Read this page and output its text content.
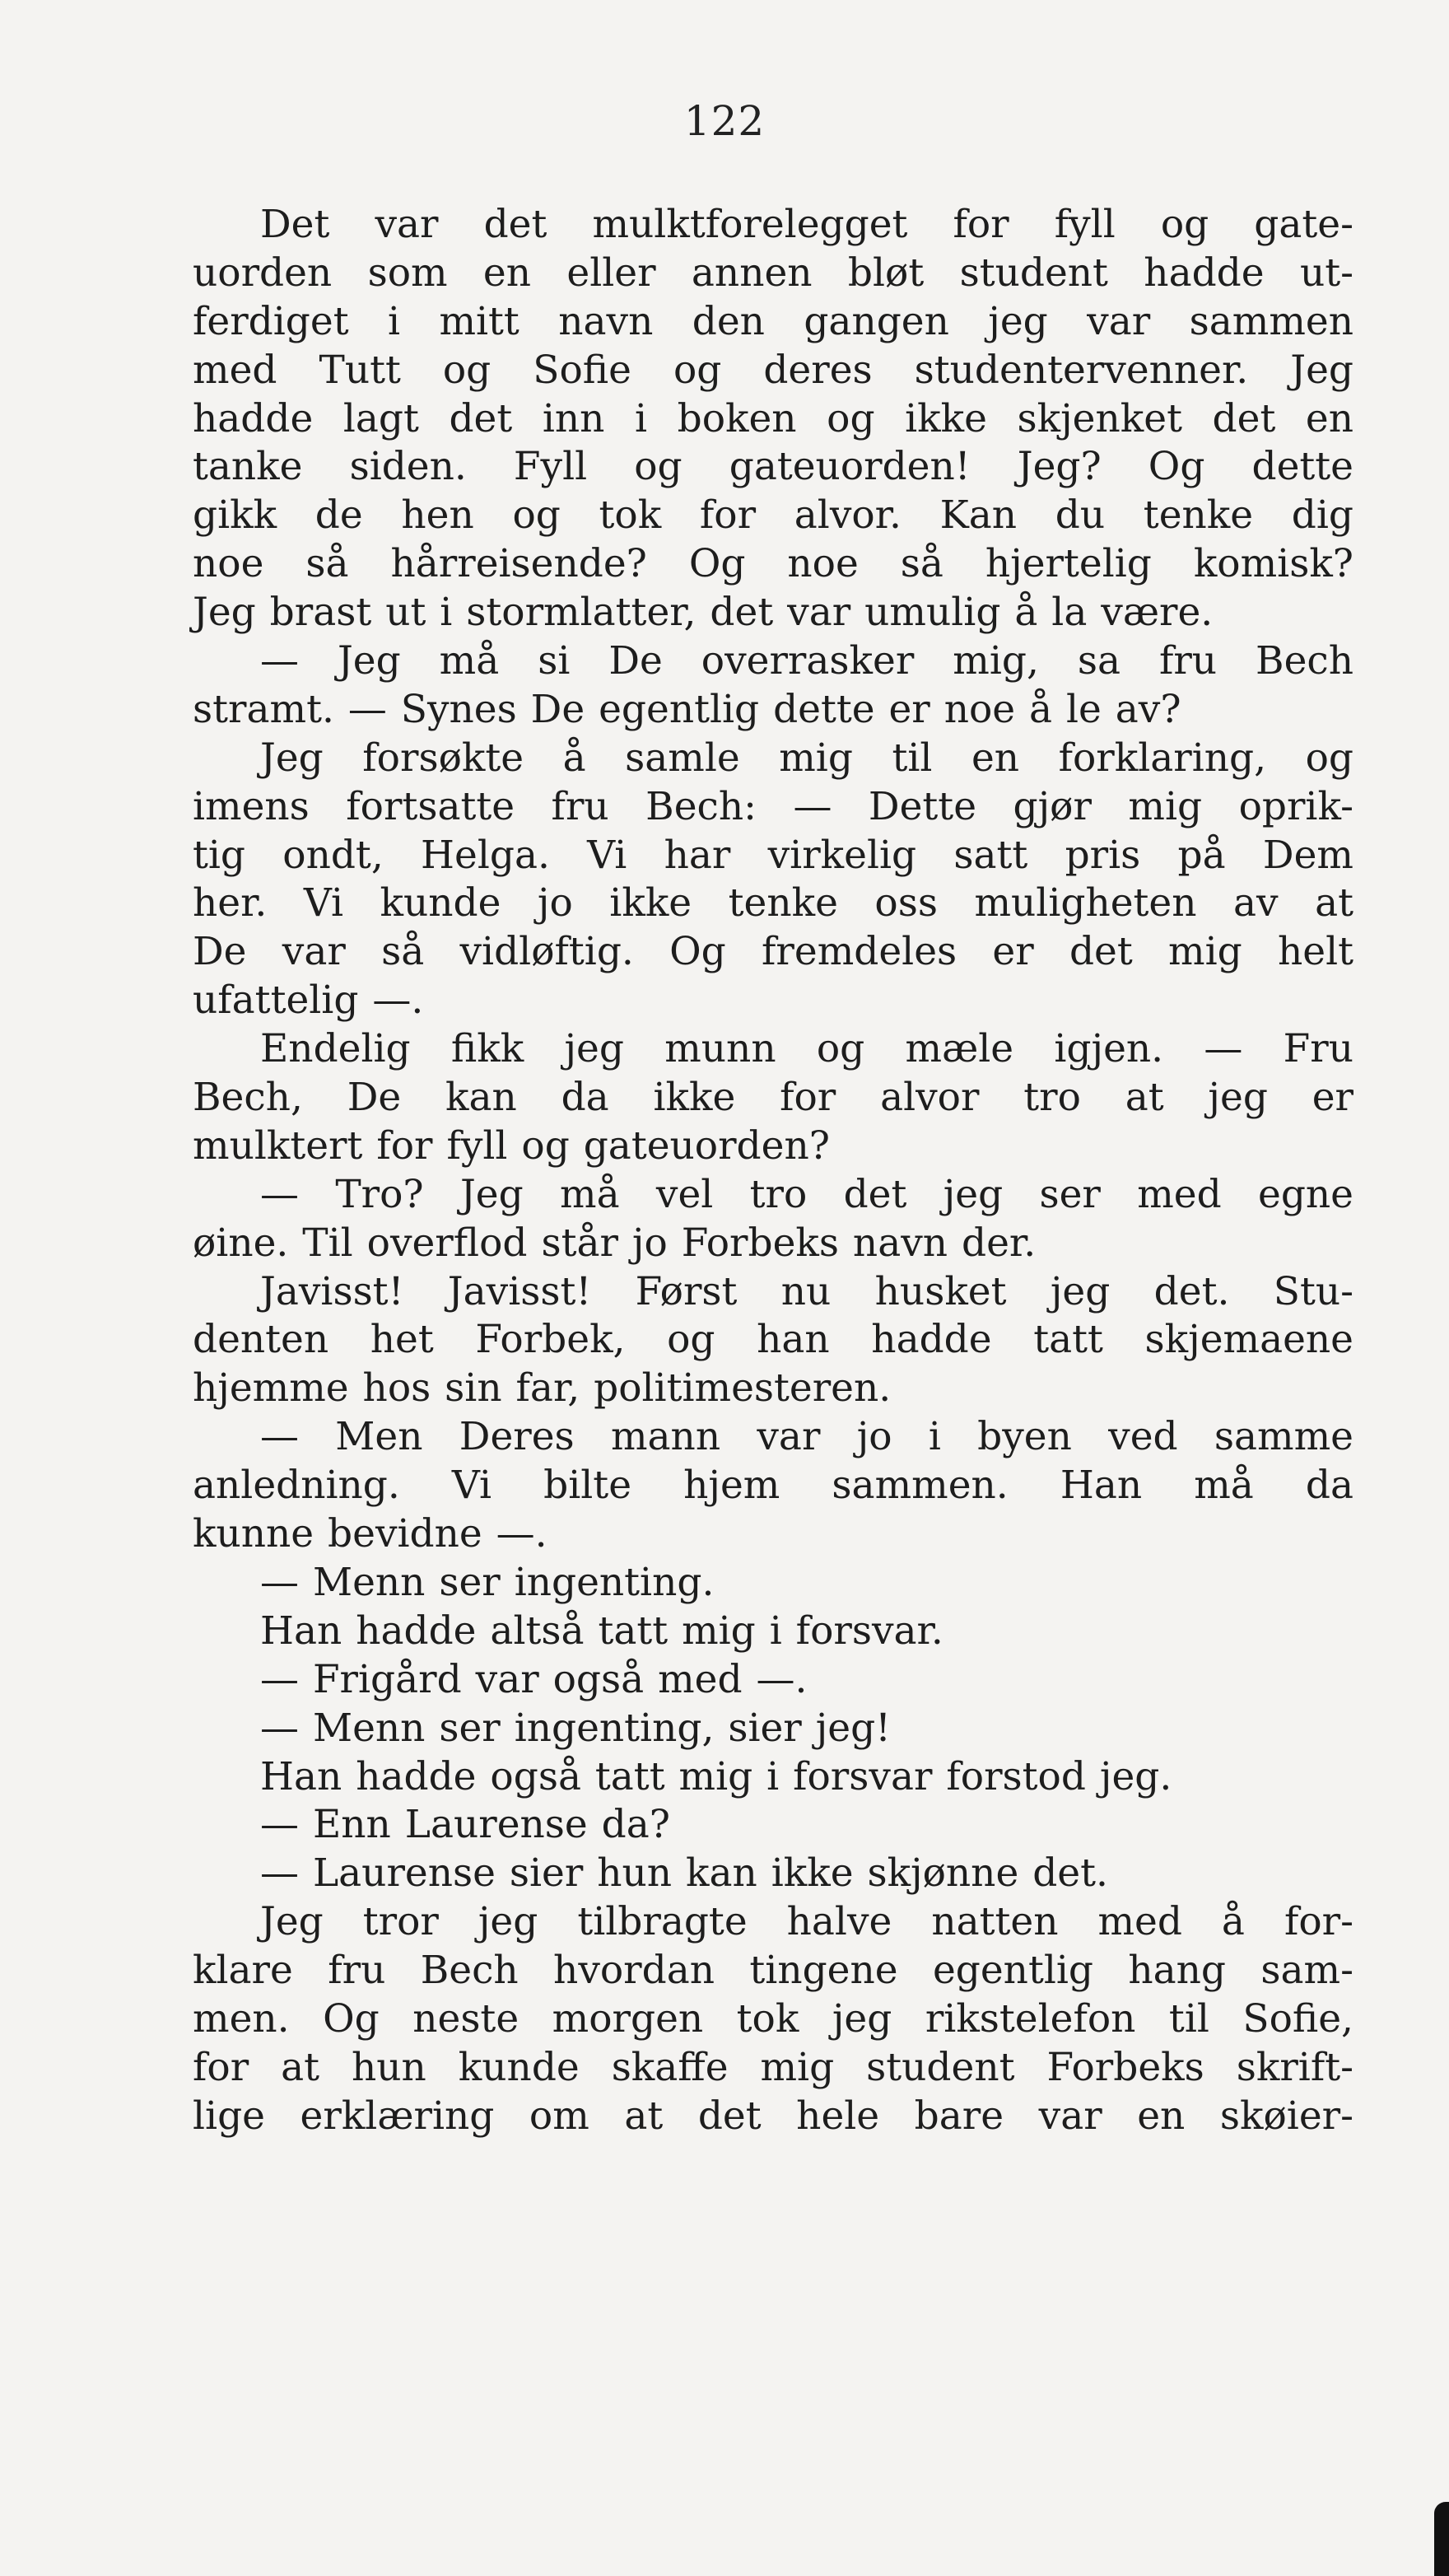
122
Det var det mulktforelegget for fyll og gate-
uorden som en eller annen bløt student hadde ut-
ferdiget i mitt navn den gangen jeg var sammen
med Tutt og Sofie og deres studentervenner. Jeg
hadde lagt det inn i boken og ikke skjenket det en
tanke siden. Fyll og gateuorden! Jeg? Og dette
gikk de hen og tok for alvor. Kan du tenke dig
noe så hårreisende? Og noe så hjertelig komisk?
Jeg brast ut i stormlatter, det var umulig å la være.
— Jeg må si De overrasker mig, sa fru Bech
stramt. — Synes De egentlig dette er noe å le av?
Jeg forsøkte å samle mig til en forklaring, og
imens fortsatte fru Bech: — Dette gjør mig oprik-
tig ondt, Helga. Vi har virkelig satt pris på Dem
her. Vi kunde jo ikke tenke oss muligheten av at
De var så vidløftig. Og fremdeles er det mig helt
ufattelig —.
Endelig fikk jeg munn og mæle igjen. — Fru
Bech, De kan da ikke for alvor tro at jeg er
mulktert for fyll og gateuorden?
— Tro? Jeg må vel tro det jeg ser med egne
øine. Til overflod står jo Forbeks navn der.
Javisst! Javisst! Først nu husket jeg det. Stu-
denten het Forbek, og han hadde tatt skjemaene
hjemme hos sin far, politimesteren.
— Men Deres mann var jo i byen ved samme
anledning. Vi bilte hjem sammen. Han må da
kunne bevidne —.
— Menn ser ingenting.
Han hadde altså tatt mig i forsvar.
— Frigård var også med —.
— Menn ser ingenting, sier jeg!
Han hadde også tatt mig i forsvar forstod jeg.
— Enn Laurense da?
— Laurense sier hun kan ikke skjønne det.
Jeg tror jeg tilbragte halve natten med å for-
klare fru Bech hvordan tingene egentlig hang sam-
men. Og neste morgen tok jeg rikstelefon til Sofie,
for at hun kunde skaffe mig student Forbeks skrift-
lige erklæring om at det hele bare var en skøier-
